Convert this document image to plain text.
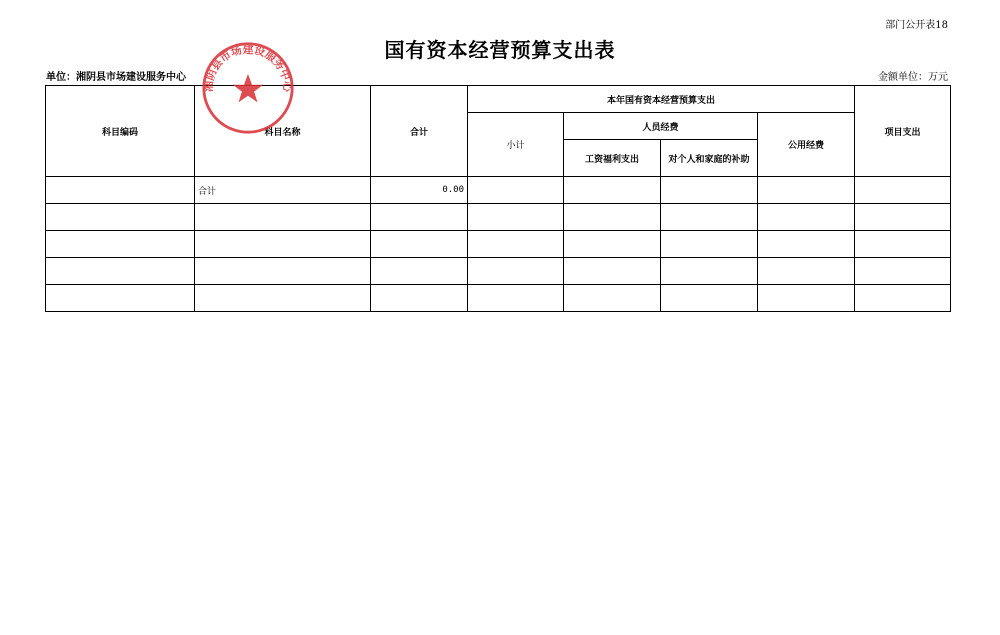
部门公开表18
国有资本经营预算支出表
单位：湘阴县市场建设服务中心	金额单位：万元
科目编码	科目名称	合计	本年国有资本经营预算支出				项目支出
			小计	人员经费		公用经费	
				工资福利支出	对个人和家庭的补助		
	合计	0.00					

湘阴县市场建设服务中心
